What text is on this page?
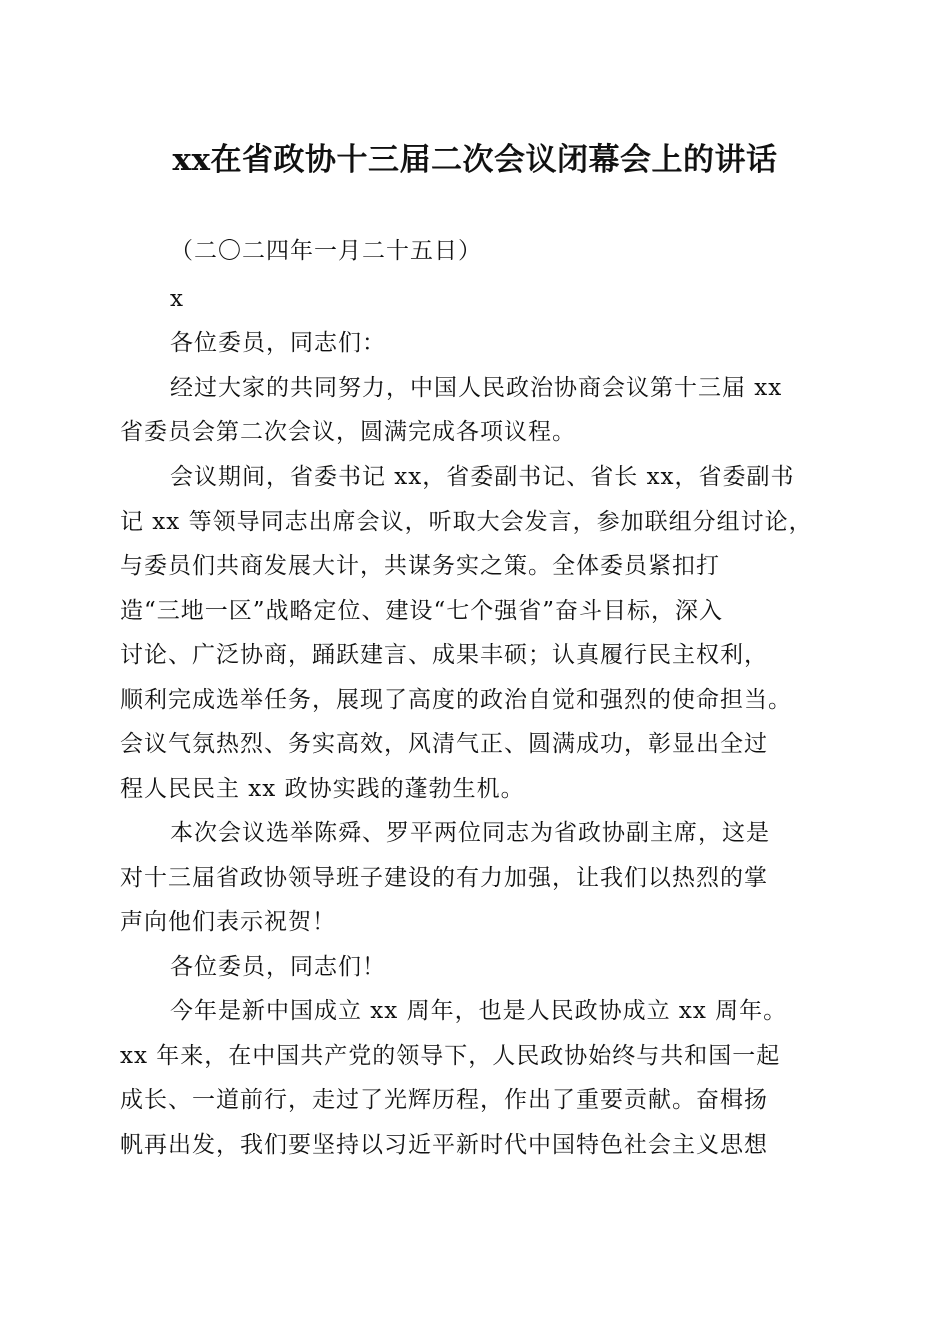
xx在省政协十三届二次会议闭幕会上的讲话
（二〇二四年一月二十五日）
x
各位委员，同志们：
经过大家的共同努力，中国人民政治协商会议第十三届 xx
省委员会第二次会议，圆满完成各项议程。
会议期间，省委书记 xx，省委副书记、省长 xx，省委副书
记 xx 等领导同志出席会议，听取大会发言，参加联组分组讨论，
与委员们共商发展大计，共谋务实之策。全体委员紧扣打
造“三地一区”战略定位、建设“七个强省”奋斗目标，深入
讨论、广泛协商，踊跃建言、成果丰硕；认真履行民主权利，
顺利完成选举任务，展现了高度的政治自觉和强烈的使命担当。
会议气氛热烈、务实高效，风清气正、圆满成功，彰显出全过
程人民民主 xx 政协实践的蓬勃生机。
本次会议选举陈舜、罗平两位同志为省政协副主席，这是
对十三届省政协领导班子建设的有力加强，让我们以热烈的掌
声向他们表示祝贺！
各位委员，同志们！
今年是新中国成立 xx 周年，也是人民政协成立 xx 周年。
xx 年来，在中国共产党的领导下，人民政协始终与共和国一起
成长、一道前行，走过了光辉历程，作出了重要贡献。奋楫扬
帆再出发，我们要坚持以习近平新时代中国特色社会主义思想
